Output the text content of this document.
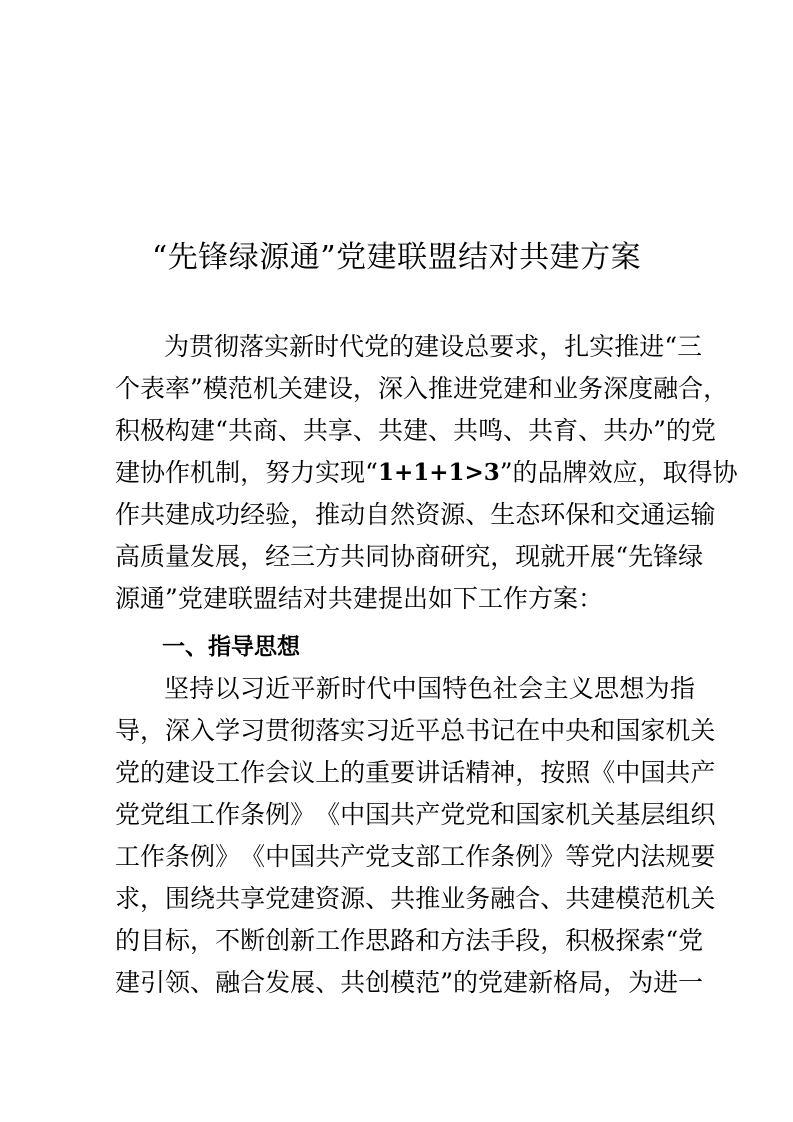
“先锋绿源通”党建联盟结对共建方案
为 贯 彻 落 实 新 时 代 党 的 建 设 总 要 求 ， 扎 实 推 进 “ 三
个 表 率 ” 模 范 机 关 建 设 ， 深 入 推 进 党 建 和 业 务 深 度 融 合 ，
积 极 构 建 “ 共 商 、 共 享 、 共 建 、 共 鸣 、 共 育 、 共 办 ” 的 党
建 协 作 机 制 ， 努 力 实 现 “ 1+1+1>3 ” 的 品 牌 效 应 ， 取 得 协
作 共 建 成 功 经 验 ， 推 动 自 然 资 源 、 生 态 环 保 和 交 通 运 输
高 质 量 发 展 ， 经 三 方 共 同 协 商 研 究 ， 现 就 开 展 “ 先 锋 绿
源 通 ” 党 建 联 盟 结 对 共 建 提 出 如 下 工 作 方 案 ：
一、指导思想
坚 持 以 习 近 平 新 时 代 中 国 特 色 社 会 主 义 思 想 为 指
导 ， 深 入 学 习 贯 彻 落 实 习 近 平 总 书 记 在 中 央 和 国 家 机 关
党 的 建 设 工 作 会 议 上 的 重 要 讲 话 精 神 ， 按 照 《 中 国 共 产
党 党 组 工 作 条 例 》 《 中 国 共 产 党 党 和 国 家 机 关 基 层 组 织
工 作 条 例 》 《 中 国 共 产 党 支 部 工 作 条 例 》 等 党 内 法 规 要
求 ， 围 绕 共 享 党 建 资 源 、 共 推 业 务 融 合 、 共 建 模 范 机 关
的 目 标 ， 不 断 创 新 工 作 思 路 和 方 法 手 段 ， 积 极 探 索 “ 党
建 引 领 、 融 合 发 展 、 共 创 模 范 ” 的 党 建 新 格 局 ， 为 进 一
